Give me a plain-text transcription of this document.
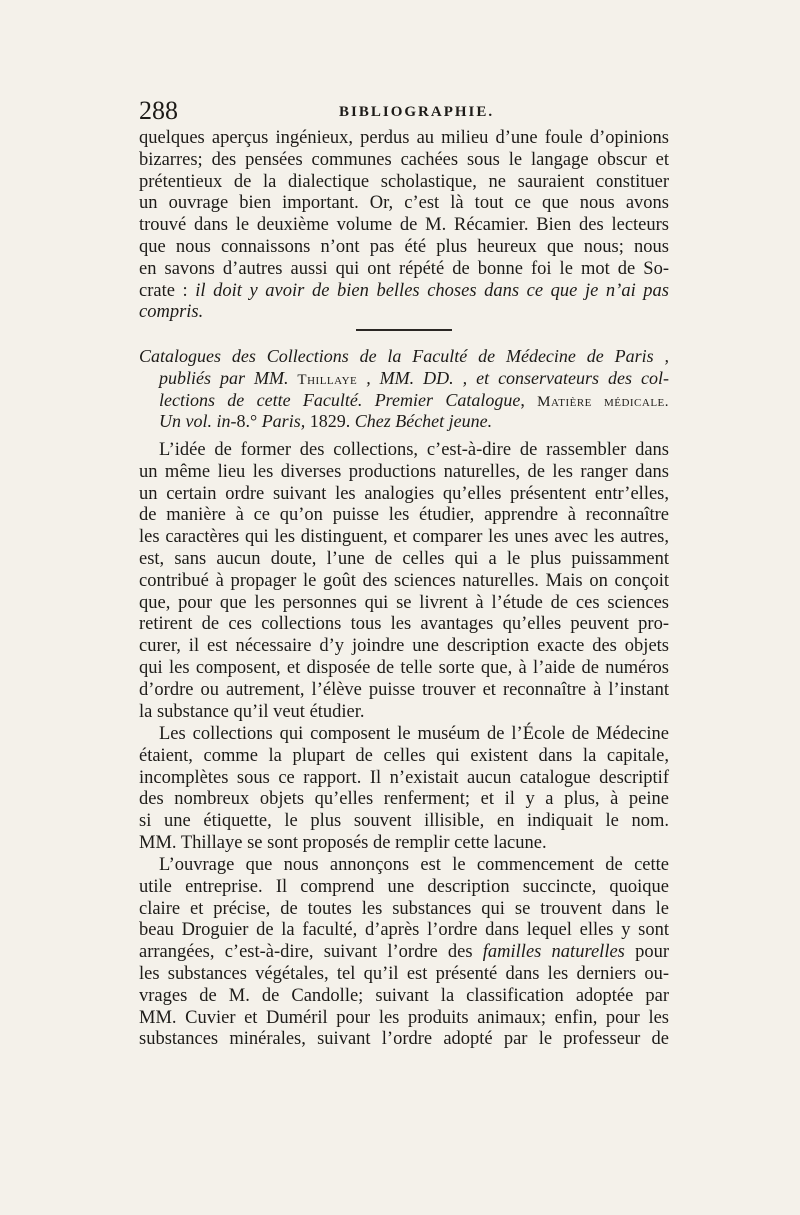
288	BIBLIOGRAPHIE.
quelques aperçus ingénieux, perdus au milieu d’une foule d’opinions
bizarres; des pensées communes cachées sous le langage obscur et
prétentieux de la dialectique scholastique, ne sauraient constituer
un ouvrage bien important. Or, c’est là tout ce que nous avons
trouvé dans le deuxième volume de M. Récamier. Bien des lecteurs
que nous connaissons n’ont pas été plus heureux que nous; nous
en savons d’autres aussi qui ont répété de bonne foi le mot de So-
crate : il doit y avoir de bien belles choses dans ce que je n’ai pas
compris.
Catalogues des Collections de la Faculté de Médecine de Paris ,
publiés par MM. Thillaye , MM. DD. , et conservateurs des col-
lections de cette Faculté. Premier Catalogue, Matière médicale.
Un vol. in-8.° Paris, 1829. Chez Béchet jeune.
L’idée de former des collections, c’est-à-dire de rassembler dans
un même lieu les diverses productions naturelles, de les ranger dans
un certain ordre suivant les analogies qu’elles présentent entr’elles,
de manière à ce qu’on puisse les étudier, apprendre à reconnaître
les caractères qui les distinguent, et comparer les unes avec les autres,
est, sans aucun doute, l’une de celles qui a le plus puissamment
contribué à propager le goût des sciences naturelles. Mais on conçoit
que, pour que les personnes qui se livrent à l’étude de ces sciences
retirent de ces collections tous les avantages qu’elles peuvent pro-
curer, il est nécessaire d’y joindre une description exacte des objets
qui les composent, et disposée de telle sorte que, à l’aide de numéros
d’ordre ou autrement, l’élève puisse trouver et reconnaître à l’instant
la substance qu’il veut étudier.
Les collections qui composent le muséum de l’École de Médecine
étaient, comme la plupart de celles qui existent dans la capitale,
incomplètes sous ce rapport. Il n’existait aucun catalogue descriptif
des nombreux objets qu’elles renferment; et il y a plus, à peine
si une étiquette, le plus souvent illisible, en indiquait le nom.
MM. Thillaye se sont proposés de remplir cette lacune.
L’ouvrage que nous annonçons est le commencement de cette
utile entreprise. Il comprend une description succincte, quoique
claire et précise, de toutes les substances qui se trouvent dans le
beau Droguier de la faculté, d’après l’ordre dans lequel elles y sont
arrangées, c’est-à-dire, suivant l’ordre des familles naturelles pour
les substances végétales, tel qu’il est présenté dans les derniers ou-
vrages de M. de Candolle; suivant la classification adoptée par
MM. Cuvier et Duméril pour les produits animaux; enfin, pour les
substances minérales, suivant l’ordre adopté par le professeur de
